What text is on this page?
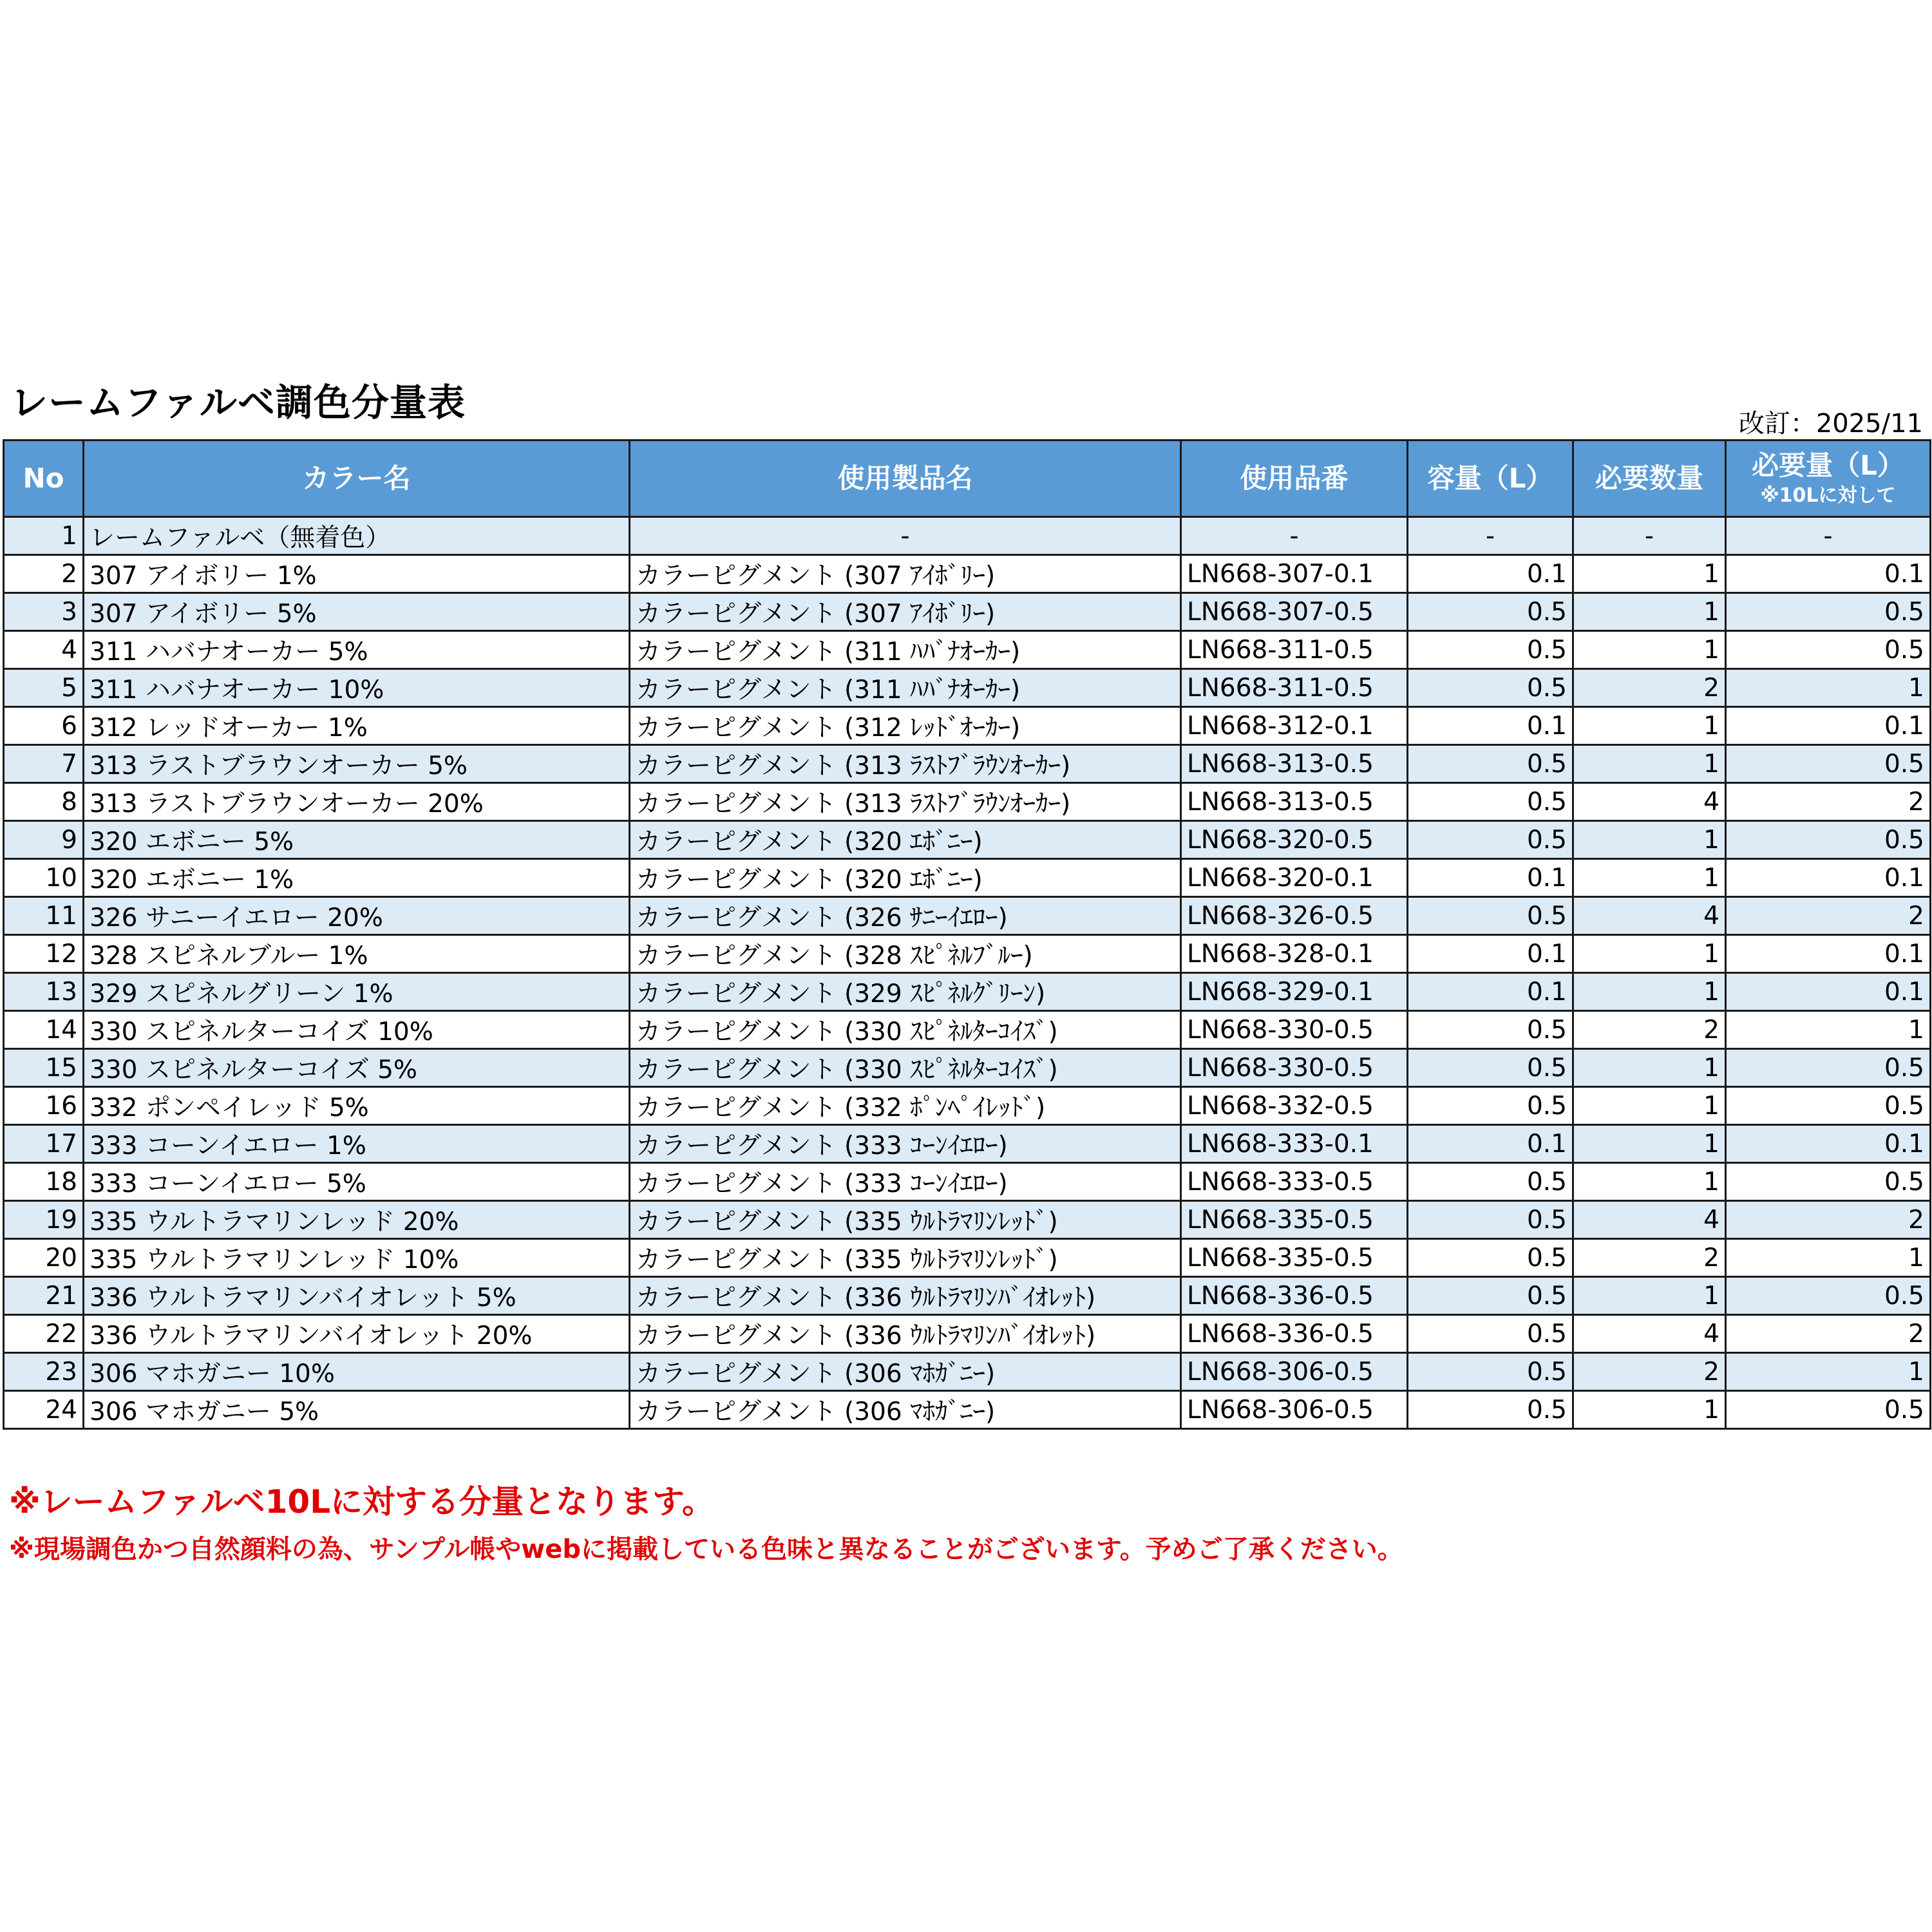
レームファルベ調色分量表	改訂：2025/11
No	カラー名	使用製品名	使用品番	容量（L）	必要数量	必要量（L）
※10Lに対して

1	レームファルベ（無着色）	-	-	-	-	-
2	307 アイボリー 1%	カラーピグメント (307 ｱｲﾎﾞﾘｰ)	LN668-307-0.1	0.1	1	0.1
3	307 アイボリー 5%	カラーピグメント (307 ｱｲﾎﾞﾘｰ)	LN668-307-0.5	0.5	1	0.5
4	311 ハバナオーカー 5%	カラーピグメント (311 ﾊﾊﾞﾅｵｰｶｰ)	LN668-311-0.5	0.5	1	0.5
5	311 ハバナオーカー 10%	カラーピグメント (311 ﾊﾊﾞﾅｵｰｶｰ)	LN668-311-0.5	0.5	2	1
6	312 レッドオーカー 1%	カラーピグメント (312 ﾚｯﾄﾞｵｰｶｰ)	LN668-312-0.1	0.1	1	0.1
7	313 ラストブラウンオーカー 5%	カラーピグメント (313 ﾗｽﾄﾌﾞﾗｳﾝｵｰｶｰ)	LN668-313-0.5	0.5	1	0.5
8	313 ラストブラウンオーカー 20%	カラーピグメント (313 ﾗｽﾄﾌﾞﾗｳﾝｵｰｶｰ)	LN668-313-0.5	0.5	4	2
9	320 エボニー 5%	カラーピグメント (320 ｴﾎﾞﾆｰ)	LN668-320-0.5	0.5	1	0.5
10	320 エボニー 1%	カラーピグメント (320 ｴﾎﾞﾆｰ)	LN668-320-0.1	0.1	1	0.1
11	326 サニーイエロー 20%	カラーピグメント (326 ｻﾆｰｲｴﾛｰ)	LN668-326-0.5	0.5	4	2
12	328 スピネルブルー 1%	カラーピグメント (328 ｽﾋﾟﾈﾙﾌﾞﾙｰ)	LN668-328-0.1	0.1	1	0.1
13	329 スピネルグリーン 1%	カラーピグメント (329 ｽﾋﾟﾈﾙｸﾞﾘｰﾝ)	LN668-329-0.1	0.1	1	0.1
14	330 スピネルターコイズ 10%	カラーピグメント (330 ｽﾋﾟﾈﾙﾀｰｺｲｽﾞ)	LN668-330-0.5	0.5	2	1
15	330 スピネルターコイズ 5%	カラーピグメント (330 ｽﾋﾟﾈﾙﾀｰｺｲｽﾞ)	LN668-330-0.5	0.5	1	0.5
16	332 ポンペイレッド 5%	カラーピグメント (332 ﾎﾟﾝﾍﾟｲﾚｯﾄﾞ)	LN668-332-0.5	0.5	1	0.5
17	333 コーンイエロー 1%	カラーピグメント (333 ｺｰﾝｲｴﾛｰ)	LN668-333-0.1	0.1	1	0.1
18	333 コーンイエロー 5%	カラーピグメント (333 ｺｰﾝｲｴﾛｰ)	LN668-333-0.5	0.5	1	0.5
19	335 ウルトラマリンレッド 20%	カラーピグメント (335 ｳﾙﾄﾗﾏﾘﾝﾚｯﾄﾞ)	LN668-335-0.5	0.5	4	2
20	335 ウルトラマリンレッド 10%	カラーピグメント (335 ｳﾙﾄﾗﾏﾘﾝﾚｯﾄﾞ)	LN668-335-0.5	0.5	2	1
21	336 ウルトラマリンバイオレット 5%	カラーピグメント (336 ｳﾙﾄﾗﾏﾘﾝﾊﾞｲｵﾚｯﾄ)	LN668-336-0.5	0.5	1	0.5
22	336 ウルトラマリンバイオレット 20%	カラーピグメント (336 ｳﾙﾄﾗﾏﾘﾝﾊﾞｲｵﾚｯﾄ)	LN668-336-0.5	0.5	4	2
23	306 マホガニー 10%	カラーピグメント (306 ﾏﾎｶﾞﾆｰ)	LN668-306-0.5	0.5	2	1
24	306 マホガニー 5%	カラーピグメント (306 ﾏﾎｶﾞﾆｰ)	LN668-306-0.5	0.5	1	0.5
※レームファルベ10Lに対する分量となります。
※現場調色かつ自然顔料の為、サンプル帳やwebに掲載している色味と異なることがございます。予めご了承ください。
